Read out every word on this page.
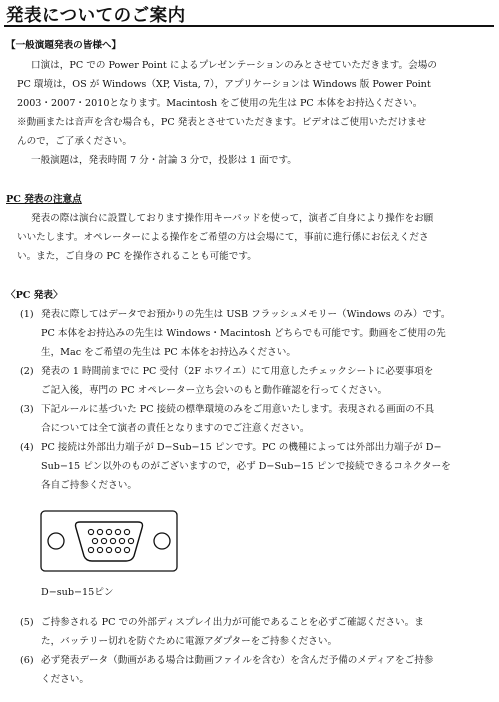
発表についてのご案内
【一般演題発表の皆様へ】
口演は，PC での Power Point によるプレゼンテーションのみとさせていただきます。会場の
PC 環境は，OS が Windows（XP, Vista, 7），アプリケーションは Windows 版 Power Point
2003・2007・2010となります。Macintosh をご使用の先生は PC 本体をお持込ください。
※動画または音声を含む場合も，PC 発表とさせていただきます。ビデオはご使用いただけませ
んので，ご了承ください。
一般演題は，発表時間 7 分・討論 3 分で，投影は 1 面です。
PC 発表の注意点
発表の際は演台に設置しております操作用キーパッドを使って，演者ご自身により操作をお願
いいたします。オペレーターによる操作をご希望の方は会場にて，事前に進行係にお伝えくださ
い。また，ご自身の PC を操作されることも可能です。
〈PC 発表〉
(1) 発表に際してはデータでお預かりの先生は USB フラッシュメモリー（Windows のみ）です。
PC 本体をお持込みの先生は Windows・Macintosh どちらでも可能です。動画をご使用の先
生，Mac をご希望の先生は PC 本体をお持込みください。
(2) 発表の 1 時間前までに PC 受付（2F ホワイエ）にて用意したチェックシートに必要事項を
ご記入後，専門の PC オペレーター立ち会いのもと動作確認を行ってください。
(3) 下記ルールに基づいた PC 接続の標準環境のみをご用意いたします。表現される画面の不具
合については全て演者の責任となりますのでご注意ください。
(4) PC 接続は外部出力端子が D−Sub−15 ピンです。PC の機種によっては外部出力端子が D−
Sub−15 ピン以外のものがございますので，必ず D−Sub−15 ピンで接続できるコネクターを
各自ご持参ください。
D−sub−15ピン
(5) ご持参される PC での外部ディスプレイ出力が可能であることを必ずご確認ください。ま
た，バッテリー切れを防ぐために電源アダプターをご持参ください。
(6) 必ず発表データ（動画がある場合は動画ファイルを含む）を含んだ予備のメディアをご持参
ください。
